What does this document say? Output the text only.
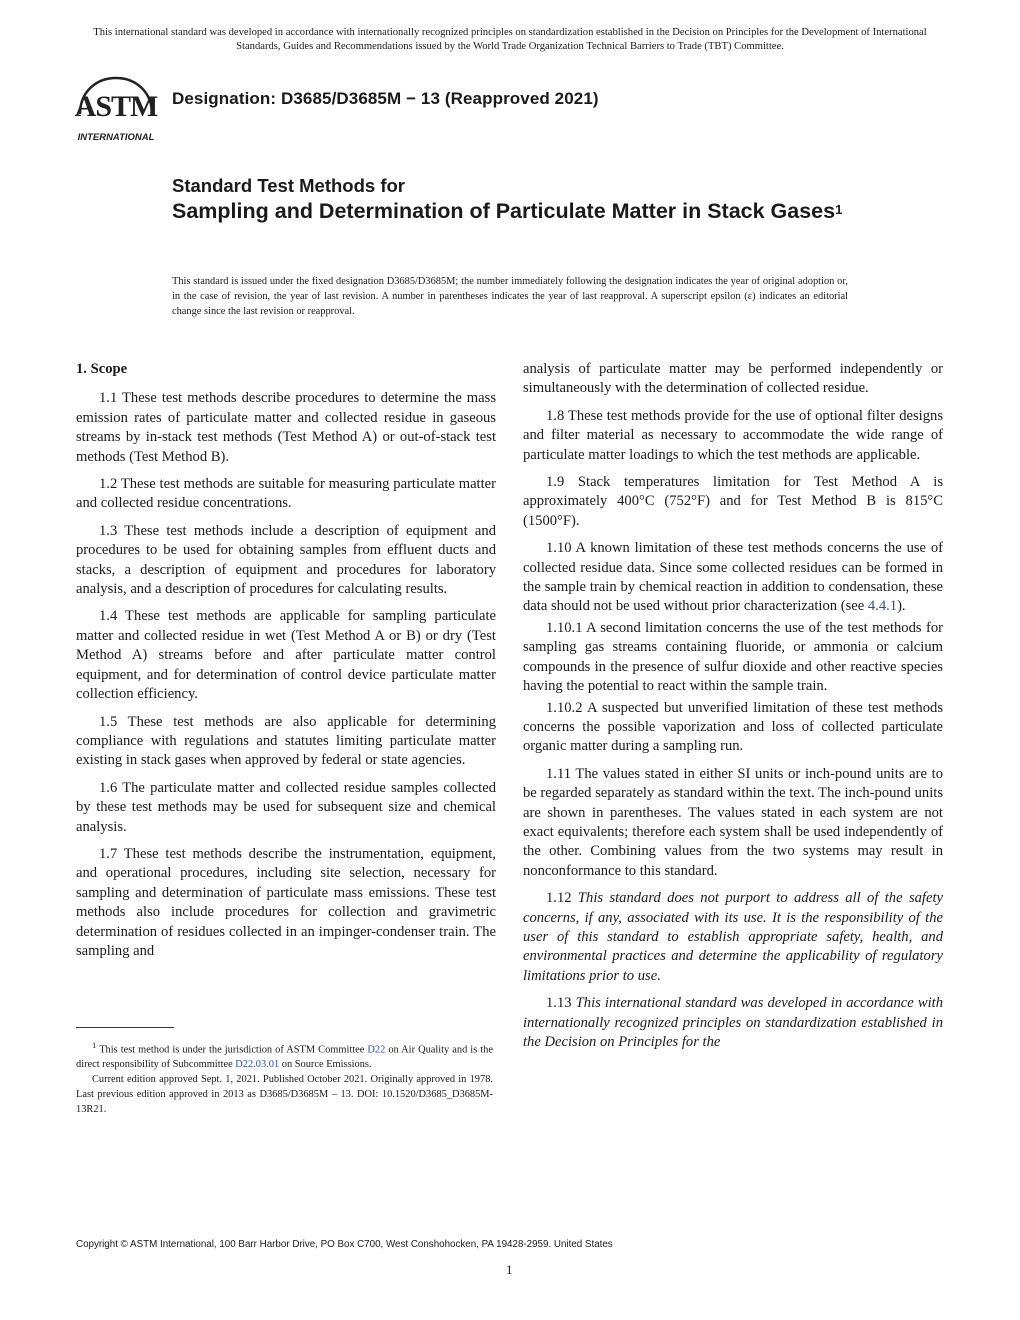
This international standard was developed in accordance with internationally recognized principles on standardization established in the Decision on Principles for the Development of International Standards, Guides and Recommendations issued by the World Trade Organization Technical Barriers to Trade (TBT) Committee.
ASTM
INTERNATIONAL
Designation: D3685/D3685M − 13 (Reapproved 2021)
Standard Test Methods for
Sampling and Determination of Particulate Matter in Stack Gases$^1$
This standard is issued under the fixed designation D3685/D3685M; the number immediately following the designation indicates the year of original adoption or, in the case of revision, the year of last revision. A number in parentheses indicates the year of last reapproval. A superscript epsilon (ε) indicates an editorial change since the last revision or reapproval.
1. Scope

1.1 These test methods describe procedures to determine the mass emission rates of particulate matter and collected residue in gaseous streams by in-stack test methods (Test Method A) or out-of-stack test methods (Test Method B).

1.2 These test methods are suitable for measuring particulate matter and collected residue concentrations.

1.3 These test methods include a description of equipment and procedures to be used for obtaining samples from effluent ducts and stacks, a description of equipment and procedures for laboratory analysis, and a description of procedures for calculating results.

1.4 These test methods are applicable for sampling particulate matter and collected residue in wet (Test Method A or B) or dry (Test Method A) streams before and after particulate matter control equipment, and for determination of control device particulate matter collection efficiency.

1.5 These test methods are also applicable for determining compliance with regulations and statutes limiting particulate matter existing in stack gases when approved by federal or state agencies.

1.6 The particulate matter and collected residue samples collected by these test methods may be used for subsequent size and chemical analysis.

1.7 These test methods describe the instrumentation, equipment, and operational procedures, including site selection, necessary for sampling and determination of particulate mass emissions. These test methods also include procedures for collection and gravimetric determination of residues collected in an impinger-condenser train. The sampling and

analysis of particulate matter may be performed independently or simultaneously with the determination of collected residue.

1.8 These test methods provide for the use of optional filter designs and filter material as necessary to accommodate the wide range of particulate matter loadings to which the test methods are applicable.

1.9 Stack temperatures limitation for Test Method A is approximately 400°C (752°F) and for Test Method B is 815°C (1500°F).

1.10 A known limitation of these test methods concerns the use of collected residue data. Since some collected residues can be formed in the sample train by chemical reaction in addition to condensation, these data should not be used without prior characterization (see 4.4.1).

1.10.1 A second limitation concerns the use of the test methods for sampling gas streams containing fluoride, or ammonia or calcium compounds in the presence of sulfur dioxide and other reactive species having the potential to react within the sample train.

1.10.2 A suspected but unverified limitation of these test methods concerns the possible vaporization and loss of collected particulate organic matter during a sampling run.

1.11 The values stated in either SI units or inch-pound units are to be regarded separately as standard within the text. The inch-pound units are shown in parentheses. The values stated in each system are not exact equivalents; therefore each system shall be used independently of the other. Combining values from the two systems may result in nonconformance to this standard.

1.12 This standard does not purport to address all of the safety concerns, if any, associated with its use. It is the responsibility of the user of this standard to establish appropriate safety, health, and environmental practices and determine the applicability of regulatory limitations prior to use.

1.13 This international standard was developed in accordance with internationally recognized principles on standardization established in the Decision on Principles for the

$^1$ This test method is under the jurisdiction of ASTM Committee D22 on Air Quality and is the direct responsibility of Subcommittee D22.03.01 on Source Emissions.

Current edition approved Sept. 1, 2021. Published October 2021. Originally approved in 1978. Last previous edition approved in 2013 as D3685/D3685M – 13. DOI: 10.1520/D3685_D3685M-13R21.

Copyright © ASTM International, 100 Barr Harbor Drive, PO Box C700, West Conshohocken, PA 19428-2959. United States
1
